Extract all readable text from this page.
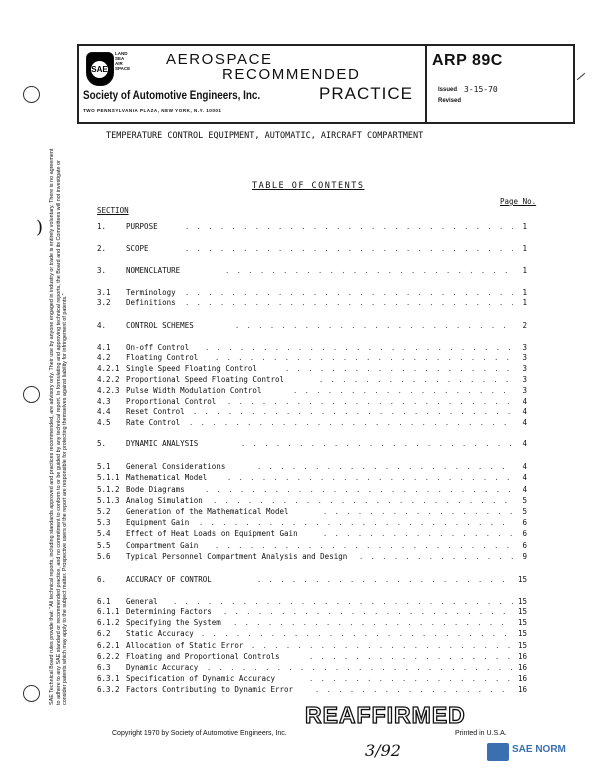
) SAE Technical Board rules provide that: "All technical reports, including standards approved and practices recommended, are advisory only. Their use by anyone engaged in industry or trade is entirely voluntary. There is no agreement to adhere to any SAE standard or recommended practice, and no commitment to conform to or be guided by any technical report. In formulating and approving technical reports, the Board and its Committees will not investigate or consider patents which may apply to the subject matter. Prospective users of the report are responsible for protecting themselves against liability for infringement of patents."
SAE
LAND
SEA
AIR
SPACE
AEROSPACE
RECOMMENDED
PRACTICE
Society of Automotive Engineers, Inc.
TWO PENNSYLVANIA PLAZA, NEW YORK, N.Y. 10001
ARP 89C
Issued 3-15-70
Revised
TEMPERATURE CONTROL EQUIPMENT, AUTOMATIC, AIRCRAFT COMPARTMENT
TABLE OF CONTENTS
Page No.
SECTION
1.	PURPOSE . . .	1
2.	SCOPE . . .	1
3.	NOMENCLATURE . . .	1
3.1 Terminology . . .	1
3.2 Definitions . . .	1
4.	CONTROL SCHEMES . . .	2
4.1 On-off Control . . .	3
4.2 Floating Control . . .	3
4.2.1 Single Speed Floating Control . . .	3
4.2.2 Proportional Speed Floating Control . . .	3
4.2.3 Pulse Width Modulation Control . . .	3
4.3 Proportional Control . . .	4
4.4 Reset Control . . .	4
4.5 Rate Control . . .	4
5.	DYNAMIC ANALYSIS . . .	4
5.1 General Considerations . . .	4
5.1.1 Mathematical Model . . .	4
5.1.2 Bode Diagrams . . .	4
5.1.3 Analog Simulation . . .	5
5.2 Generation of the Mathematical Model . . .	5
5.3 Equipment Gain . . .	6
5.4 Effect of Heat Loads on Equipment Gain . . .	6
5.5 Compartment Gain . . .	6
5.6 Typical Personnel Compartment Analysis and Design . . .	9
6.	ACCURACY OF CONTROL . . .	15
6.1 General . . .	15
6.1.1 Determining Factors . . .	15
6.1.2 Specifying the System . . .	15
6.2 Static Accuracy . . .	15
6.2.1 Allocation of Static Error . . .	15
6.2.2 Floating and Proportional Controls . . .	16
6.3 Dynamic Accuracy . . .	16
6.3.1 Specification of Dynamic Accuracy . . .	16
6.3.2 Factors Contributing to Dynamic Error . . .	16
Copyright 1970 by Society of Automotive Engineers, Inc.
REAFFIRMED
Printed in U.S.A.
3/92	SAE NORM
